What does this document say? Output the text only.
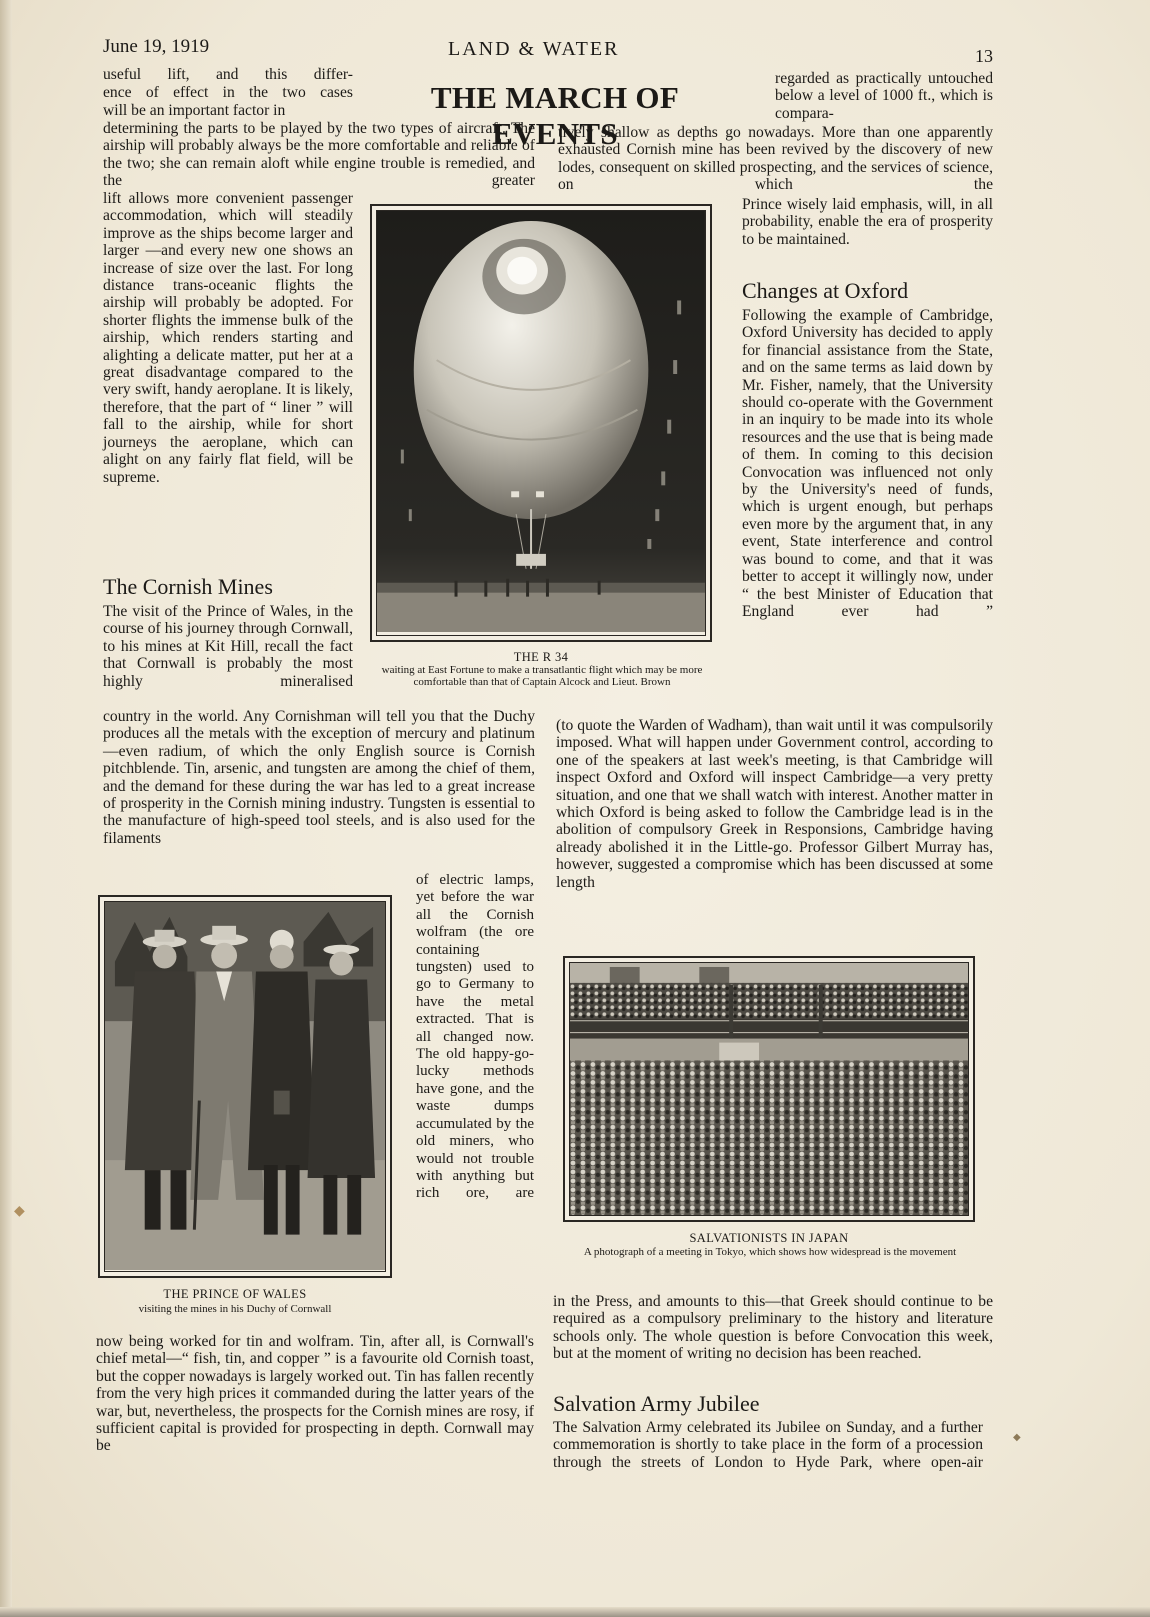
June 19, 1919	LAND & WATER	13
THE MARCH OF EVENTS
useful lift, and this differ-
ence of effect in the two cases
will be an important factor in
determining the parts to be played by the two types of aircraft. The airship will probably always be the more comfortable and reliable of the two; she can remain aloft while engine trouble is remedied, and the greater
lift allows more convenient passenger accommodation, which will steadily improve as the ships become larger and larger —and every new one shows an increase of size over the last. For long distance trans-oceanic flights the airship will probably be adopted. For shorter flights the immense bulk of the airship, which renders starting and alighting a delicate matter, put her at a great disadvantage compared to the very swift, handy aeroplane. It is likely, therefore, that the part of “ liner ” will fall to the airship, while for short journeys the aeroplane, which can alight on any fairly flat field, will be supreme.
The Cornish Mines
The visit of the Prince of Wales, in the course of his journey through Cornwall, to his mines at Kit Hill, recall the fact that Cornwall is probably the most highly mineralised
country in the world. Any Cornishman will tell you that the Duchy produces all the metals with the exception of mercury and platinum—even radium, of which the only English source is Cornish pitchblende. Tin, arsenic, and tungsten are among the chief of them, and the demand for these during the war has led to a great increase of prosperity in the Cornish mining industry. Tungsten is essential to the manufacture of high-speed tool steels, and is also used for the filaments
of electric lamps, yet before the war all the Cornish wolfram (the ore containing tungsten) used to go to Germany to have the metal extracted. That is all changed now. The old happy-go-lucky methods have gone, and the waste dumps accumulated by the old miners, who would not trouble with anything but rich ore, are
now being worked for tin and wolfram. Tin, after all, is Cornwall's chief metal—“ fish, tin, and copper ” is a favourite old Cornish toast, but the copper nowadays is largely worked out. Tin has fallen recently from the very high prices it commanded during the latter years of the war, but, nevertheless, the prospects for the Cornish mines are rosy, if sufficient capital is provided for prospecting in depth. Cornwall may be
regarded as practically untouched below a level of 1000 ft., which is compara-
tively shallow as depths go nowadays. More than one apparently exhausted Cornish mine has been revived by the discovery of new lodes, consequent on skilled prospecting, and the services of science, on which the
Prince wisely laid emphasis, will, in all probability, enable the era of prosperity to be maintained.
Changes at Oxford
Following the example of Cambridge, Oxford University has decided to apply for financial assistance from the State, and on the same terms as laid down by Mr. Fisher, namely, that the University should co-operate with the Government in an inquiry to be made into its whole resources and the use that is being made of them. In coming to this decision Convocation was influenced not only by the University's need of funds, which is urgent enough, but perhaps even more by the argument that, in any event, State interference and control was bound to come, and that it was better to accept it willingly now, under “ the best Minister of Education that England ever had ”
(to quote the Warden of Wadham), than wait until it was compulsorily imposed. What will happen under Government control, according to one of the speakers at last week's meeting, is that Cambridge will inspect Oxford and Oxford will inspect Cambridge—a very pretty situation, and one that we shall watch with interest. Another matter in which Oxford is being asked to follow the Cambridge lead is in the abolition of compulsory Greek in Responsions, Cambridge having already abolished it in the Little-go. Professor Gilbert Murray has, however, suggested a compromise which has been discussed at some length
in the Press, and amounts to this—that Greek should continue to be required as a compulsory preliminary to the history and literature schools only. The whole question is before Convocation this week, but at the moment of writing no decision has been reached.
Salvation Army Jubilee
The Salvation Army celebrated its Jubilee on Sunday, and a further commemoration is shortly to take place in the form of a procession through the streets of London to Hyde Park, where open-air
THE R 34
waiting at East Fortune to make a transatlantic flight which may be more comfortable than that of Captain Alcock and Lieut. Brown
THE PRINCE OF WALES
visiting the mines in his Duchy of Cornwall
SALVATIONISTS IN JAPAN
A photograph of a meeting in Tokyo, which shows how widespread is the movement
◆
◆
